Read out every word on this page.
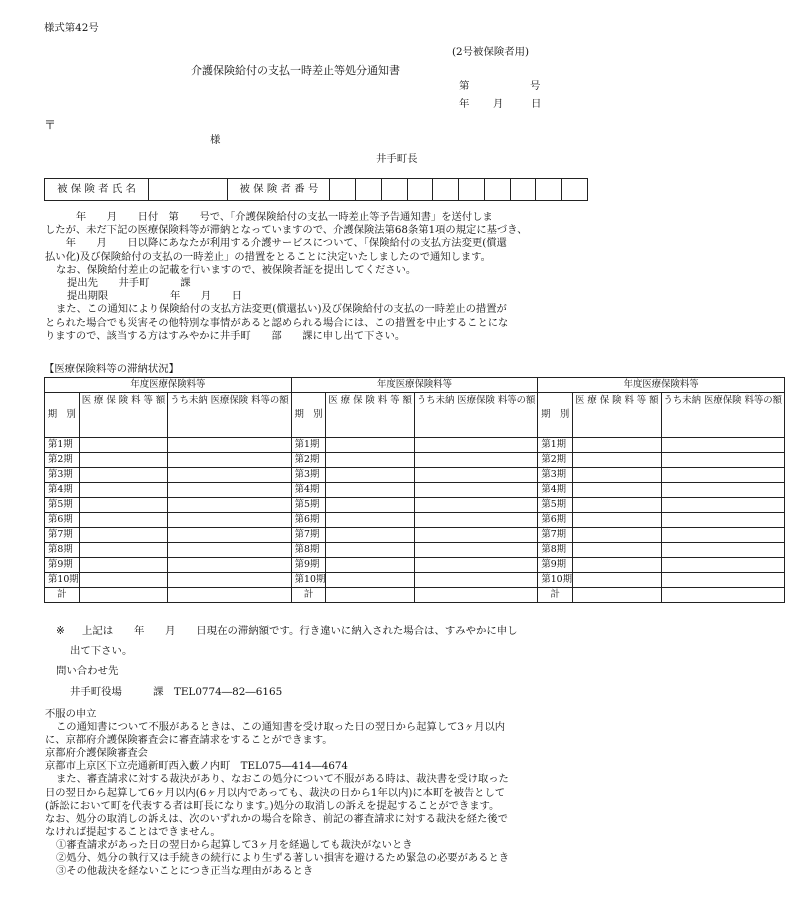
様式第42号
(2号被保険者用)
介護保険給付の支払一時差止等処分通知書
第	号
年 月	日
〒
様
井手町長
被 保 険 者 氏 名		被 保 険 者 番 号										
　　　年　　月　　日付　第　　号で、「介護保険給付の支払一時差止等予告通知書」を送付しま
したが、未だ下記の医療保険料等が滞納となっていますので、介護保険法第68条第1項の規定に基づき、
　　年　　月　　日以降にあなたが利用する介護サービスについて、「保険給付の支払方法変更(償還
払い化)及び保険給付の支払の一時差止」の措置をとることに決定いたしましたので通知します。
なお、保険給付差止の記載を行いますので、被保険者証を提出してください。
提出先　　井手町　　　課
提出期限　　　　　　年　　月　　日
また、この通知により保険給付の支払方法変更(償還払い)及び保険給付の支払の一時差止の措置が
とられた場合でも災害その他特別な事情があると認められる場合には、この措置を中止することにな
りますので、該当する方はすみやかに井手町　　部　　課に申し出て下さい。
【医療保険料等の滞納状況】
年度医療保険料等			年度医療保険料等			年度医療保険料等		
期　別	医 療 保 険 料 等 額	うち未納 医療保険 料等の額	期　別	医 療 保 険 料 等 額	うち未納 医療保険 料等の額	期　別	医 療 保 険 料 等 額	うち未納 医療保険 料等の額
第1期			第1期			第1期		
第2期			第2期			第2期		
第3期			第3期			第3期		
第4期			第4期			第4期		
第5期			第5期			第5期		
第6期			第6期			第6期		
第7期			第7期			第7期		
第8期			第8期			第8期		
第9期			第9期			第9期		
第10期			第10期			第10期		
計			計			計		
※ 上記は　　年　　月　　日現在の滞納額です。行き違いに納入された場合は、すみやかに申し
出て下さい。
問い合わせ先
井手町役場　　　課　TEL0774―82―6165
不服の申立
この通知書について不服があるときは、この通知書を受け取った日の翌日から起算して3ヶ月以内
に、京都府介護保険審査会に審査請求をすることができます。
京都府介護保険審査会
京都市上京区下立売通新町西入藪ノ内町　TEL075―414―4674
また、審査請求に対する裁決があり、なおこの処分について不服がある時は、裁決書を受け取った
日の翌日から起算して6ヶ月以内(6ヶ月以内であっても、裁決の日から1年以内)に本町を被告として
(訴訟において町を代表する者は町長になります。)処分の取消しの訴えを提起することができます。
なお、処分の取消しの訴えは、次のいずれかの場合を除き、前記の審査請求に対する裁決を経た後で
なければ提起することはできません。
①審査請求があった日の翌日から起算して3ヶ月を経過しても裁決がないとき
②処分、処分の執行又は手続きの続行により生ずる著しい損害を避けるため緊急の必要があるとき
③その他裁決を経ないことにつき正当な理由があるとき
